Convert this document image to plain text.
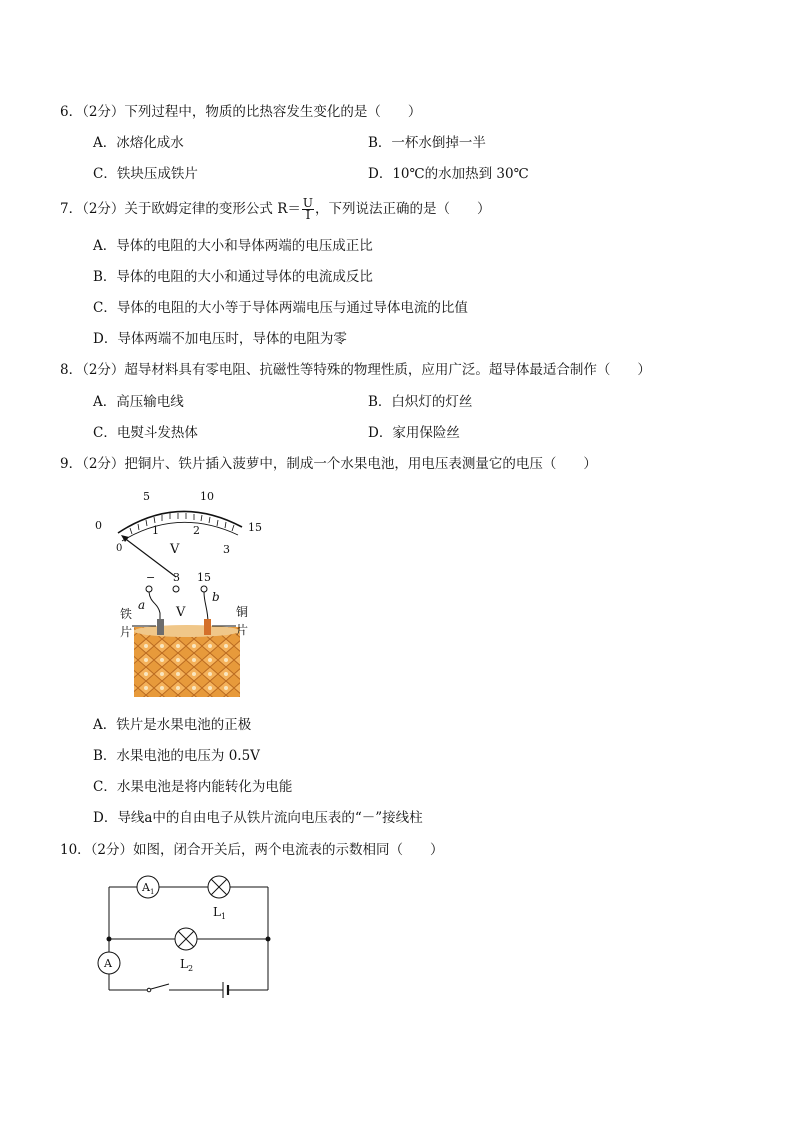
6．（2分）下列过程中，物质的比热容发生变化的是（　　）
A．冰熔化成水	B．一杯水倒掉一半
C．铁块压成铁片	D．10℃的水加热到 30℃
7．（2分）关于欧姆定律的变形公式 $R= \frac{U}{I}$ ，下列说法正确的是（　　）
A．导体的电阻的大小和导体两端的电压成正比
B．导体的电阻的大小和通过导体的电流成反比
C．导体的电阻的大小等于导体两端电压与通过导体电流的比值
D．导体两端不加电压时，导体的电阻为零
8．（2分）超导材料具有零电阻、抗磁性等特殊的物理性质，应用广泛。超导体最适合制作（　　）
A．高压输电线	B．白炽灯的灯丝
C．电熨斗发热体	D．家用保险丝
9．（2分）把铜片、铁片插入菠萝中，制成一个水果电池，用电压表测量它的电压（　　）
0
5	10
15
0
1	2
3
V
− 3 15
V
a
b
铁
片
铜
片
A．铁片是水果电池的正极
B．水果电池的电压为 0.5V
C．水果电池是将内能转化为电能
D．导线a中的自由电子从铁片流向电压表的“－”接线柱
10．（2分）如图，闭合开关后，两个电流表的示数相同（　　）
$A_1$
$L_1$
$L_2$
A
